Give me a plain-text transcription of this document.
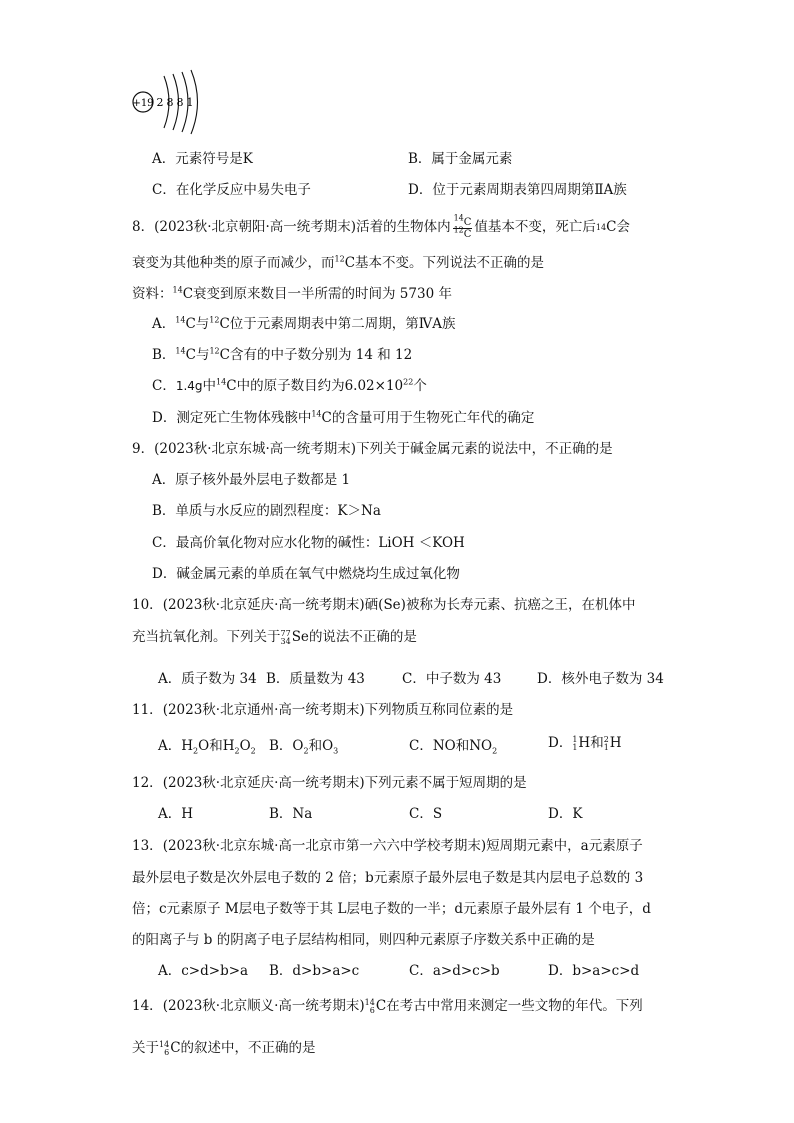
+19 2 8 8 1
A．元素符号是K	B．属于金属元素
C．在化学反应中易失电子	D．位于元素周期表第四周期第ⅡA族
8． (2023秋·北京朝阳·高一统考期末) 活着的生物体内 $\frac{^{14}C}{^{12}C}$ 值基本不变，死亡后 14 C会
衰变为其他种类的原子而减少，而$^{12}$C基本不变。下列说法不正确的是
资料：$^{14}$C衰变到原来数目一半所需的时间为 5730 年
A．$^{14}$C与$^{12}$C位于元素周期表中第二周期，第ⅣA族
B．$^{14}$C与$^{12}$C含有的中子数分别为 14 和 12
C．1.4g中$^{14}$C中的原子数目约为$6.02\times 10^{22}$个
D．测定死亡生物体残骸中$^{14}$C的含量可用于生物死亡年代的确定
9．(2023秋·北京东城·高一统考期末)下列关于碱金属元素的说法中，不正确的是
A．原子核外最外层电子数都是 1
B．单质与水反应的剧烈程度：K＞Na
C．最高价氧化物对应水化物的碱性：LiOH ＜KOH
D．碱金属元素的单质在氧气中燃烧均生成过氧化物
10．(2023秋·北京延庆·高一统考期末)硒(Se)被称为长寿元素、抗癌之王，在机体中
充当抗氧化剂。下列关于 77
34 Se 的说法不正确的是
A．质子数为 34 B．质量数为 43	C．中子数为 43	D．核外电子数为 34
11．(2023秋·北京通州·高一统考期末)下列物质互称同位素的是
A．$H_2O$和$H_2O_2$ B．$O_2$和$O_3$	C．NO和$NO_2$	D． 1
1 H和 2
1 H
12．(2023秋·北京延庆·高一统考期末)下列元素不属于短周期的是
A．H	B．Na	C．S	D．K
13．(2023秋·北京东城·高一北京市第一六六中学校考期末)短周期元素中，a元素原子
最外层电子数是次外层电子数的 2 倍；b元素原子最外层电子数是其内层电子总数的 3
倍；c元素原子 M层电子数等于其 L层电子数的一半；d元素原子最外层有 1 个电子，d
的阳离子与 b 的阴离子电子层结构相同，则四种元素原子序数关系中正确的是
A．c>d>b>a B．d>b>a>c	C．a>d>c>b	D．b>a>c>d
14． (2023秋·北京顺义·高一统考期末) 14
6 C 在考古中常用来测定一些文物的年代。下列
关于 14
6 C 的叙述中，不正确的是
